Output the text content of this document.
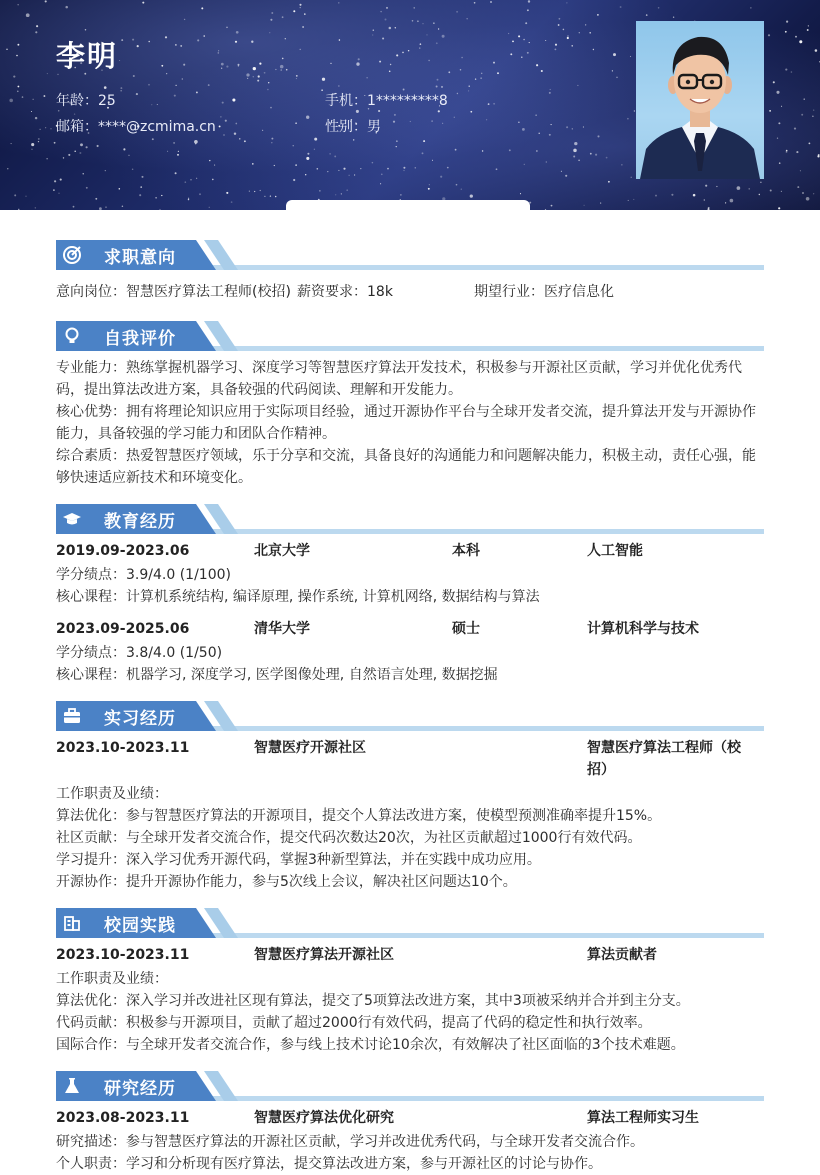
李明
年龄：25	手机：1*********8
邮箱：****@zcmima.cn	性别：男
求职意向
意向岗位：智慧医疗算法工程师(校招) 薪资要求：18k	期望行业：医疗信息化
自我评价
专业能力：熟练掌握机器学习、深度学习等智慧医疗算法开发技术，积极参与开源社区贡献，学习并优化优秀代码，提出算法改进方案，具备较强的代码阅读、理解和开发能力。
核心优势：拥有将理论知识应用于实际项目经验，通过开源协作平台与全球开发者交流，提升算法开发与开源协作能力，具备较强的学习能力和团队合作精神。
综合素质：热爱智慧医疗领域，乐于分享和交流，具备良好的沟通能力和问题解决能力，积极主动，责任心强，能够快速适应新技术和环境变化。
教育经历
2019.09-2023.06	北京大学	本科	人工智能
学分绩点：3.9/4.0 (1/100)
核心课程：计算机系统结构, 编译原理, 操作系统, 计算机网络, 数据结构与算法
2023.09-2025.06	清华大学	硕士	计算机科学与技术
学分绩点：3.8/4.0 (1/50)
核心课程：机器学习, 深度学习, 医学图像处理, 自然语言处理, 数据挖掘
实习经历
2023.10-2023.11	智慧医疗开源社区	智慧医疗算法工程师（校
招）
工作职责及业绩：
算法优化：参与智慧医疗算法的开源项目，提交个人算法改进方案，使模型预测准确率提升15%。
社区贡献：与全球开发者交流合作，提交代码次数达20次，为社区贡献超过1000行有效代码。
学习提升：深入学习优秀开源代码，掌握3种新型算法，并在实践中成功应用。
开源协作：提升开源协作能力，参与5次线上会议，解决社区问题达10个。
校园实践
2023.10-2023.11	智慧医疗算法开源社区	算法贡献者
工作职责及业绩：
算法优化：深入学习并改进社区现有算法，提交了5项算法改进方案，其中3项被采纳并合并到主分支。
代码贡献：积极参与开源项目，贡献了超过2000行有效代码，提高了代码的稳定性和执行效率。
国际合作：与全球开发者交流合作，参与线上技术讨论10余次，有效解决了社区面临的3个技术难题。
研究经历
2023.08-2023.11	智慧医疗算法优化研究	算法工程师实习生
研究描述：参与智慧医疗算法的开源社区贡献，学习并改进优秀代码，与全球开发者交流合作。
个人职责：学习和分析现有医疗算法，提交算法改进方案，参与开源社区的讨论与协作。
